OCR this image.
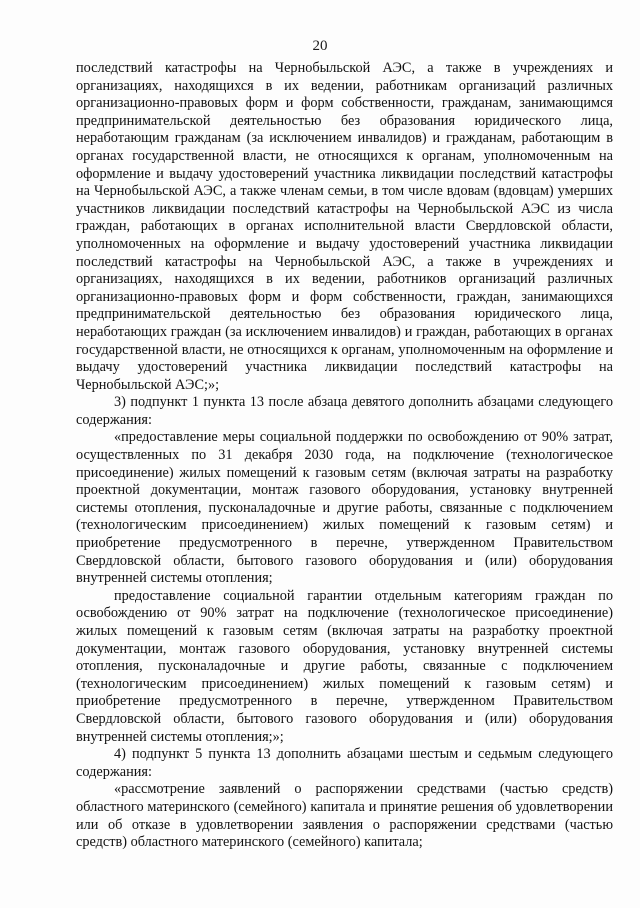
20

последствий катастрофы на Чернобыльской АЭС, а также в учреждениях и организациях, находящихся в их ведении, работникам организаций различных организационно-правовых форм и форм собственности, гражданам, занимающимся предпринимательской деятельностью без образования юридического лица, неработающим гражданам (за исключением инвалидов) и гражданам, работающим в органах государственной власти, не относящихся к органам, уполномоченным на оформление и выдачу удостоверений участника ликвидации последствий катастрофы на Чернобыльской АЭС, а также членам семьи, в том числе вдовам (вдовцам) умерших участников ликвидации последствий катастрофы на Чернобыльской АЭС из числа граждан, работающих в органах исполнительной власти Свердловской области, уполномоченных на оформление и выдачу удостоверений участника ликвидации последствий катастрофы на Чернобыльской АЭС, а также в учреждениях и организациях, находящихся в их ведении, работников организаций различных организационно-правовых форм и форм собственности, граждан, занимающихся предпринимательской деятельностью без образования юридического лица, неработающих граждан (за исключением инвалидов) и граждан, работающих в органах государственной власти, не относящихся к органам, уполномоченным на оформление и выдачу удостоверений участника ликвидации последствий катастрофы на Чернобыльской АЭС;»;

3) подпункт 1 пункта 13 после абзаца девятого дополнить абзацами следующего содержания:

«предоставление меры социальной поддержки по освобождению от 90% затрат, осуществленных по 31 декабря 2030 года, на подключение (технологическое присоединение) жилых помещений к газовым сетям (включая затраты на разработку проектной документации, монтаж газового оборудования, установку внутренней системы отопления, пусконаладочные и другие работы, связанные с подключением (технологическим присоединением) жилых помещений к газовым сетям) и приобретение предусмотренного в перечне, утвержденном Правительством Свердловской области, бытового газового оборудования и (или) оборудования внутренней системы отопления;

предоставление социальной гарантии отдельным категориям граждан по освобождению от 90% затрат на подключение (технологическое присоединение) жилых помещений к газовым сетям (включая затраты на разработку проектной документации, монтаж газового оборудования, установку внутренней системы отопления, пусконаладочные и другие работы, связанные с подключением (технологическим присоединением) жилых помещений к газовым сетям) и приобретение предусмотренного в перечне, утвержденном Правительством Свердловской области, бытового газового оборудования и (или) оборудования внутренней системы отопления;»;

4) подпункт 5 пункта 13 дополнить абзацами шестым и седьмым следующего содержания:

«рассмотрение заявлений о распоряжении средствами (частью средств) областного материнского (семейного) капитала и принятие решения об удовлетворении или об отказе в удовлетворении заявления о распоряжении средствами (частью средств) областного материнского (семейного) капитала;
